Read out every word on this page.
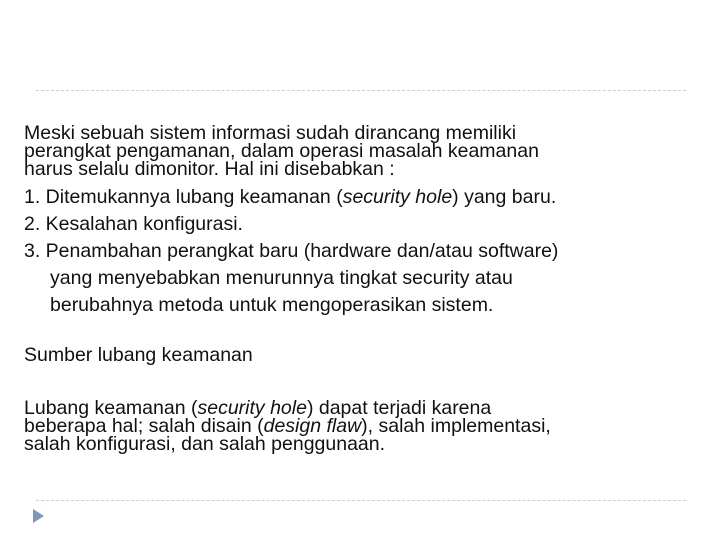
Meski sebuah sistem informasi sudah dirancang memiliki
perangkat pengamanan, dalam operasi masalah keamanan
harus selalu dimonitor. Hal ini disebabkan :
1. Ditemukannya lubang keamanan (security hole) yang baru.
2. Kesalahan konfigurasi.
3. Penambahan perangkat baru (hardware dan/atau software)
yang menyebabkan menurunnya tingkat security atau
berubahnya metoda untuk mengoperasikan sistem.
Sumber lubang keamanan
Lubang keamanan (security hole) dapat terjadi karena
beberapa hal; salah disain (design flaw), salah implementasi,
salah konfigurasi, dan salah penggunaan.
